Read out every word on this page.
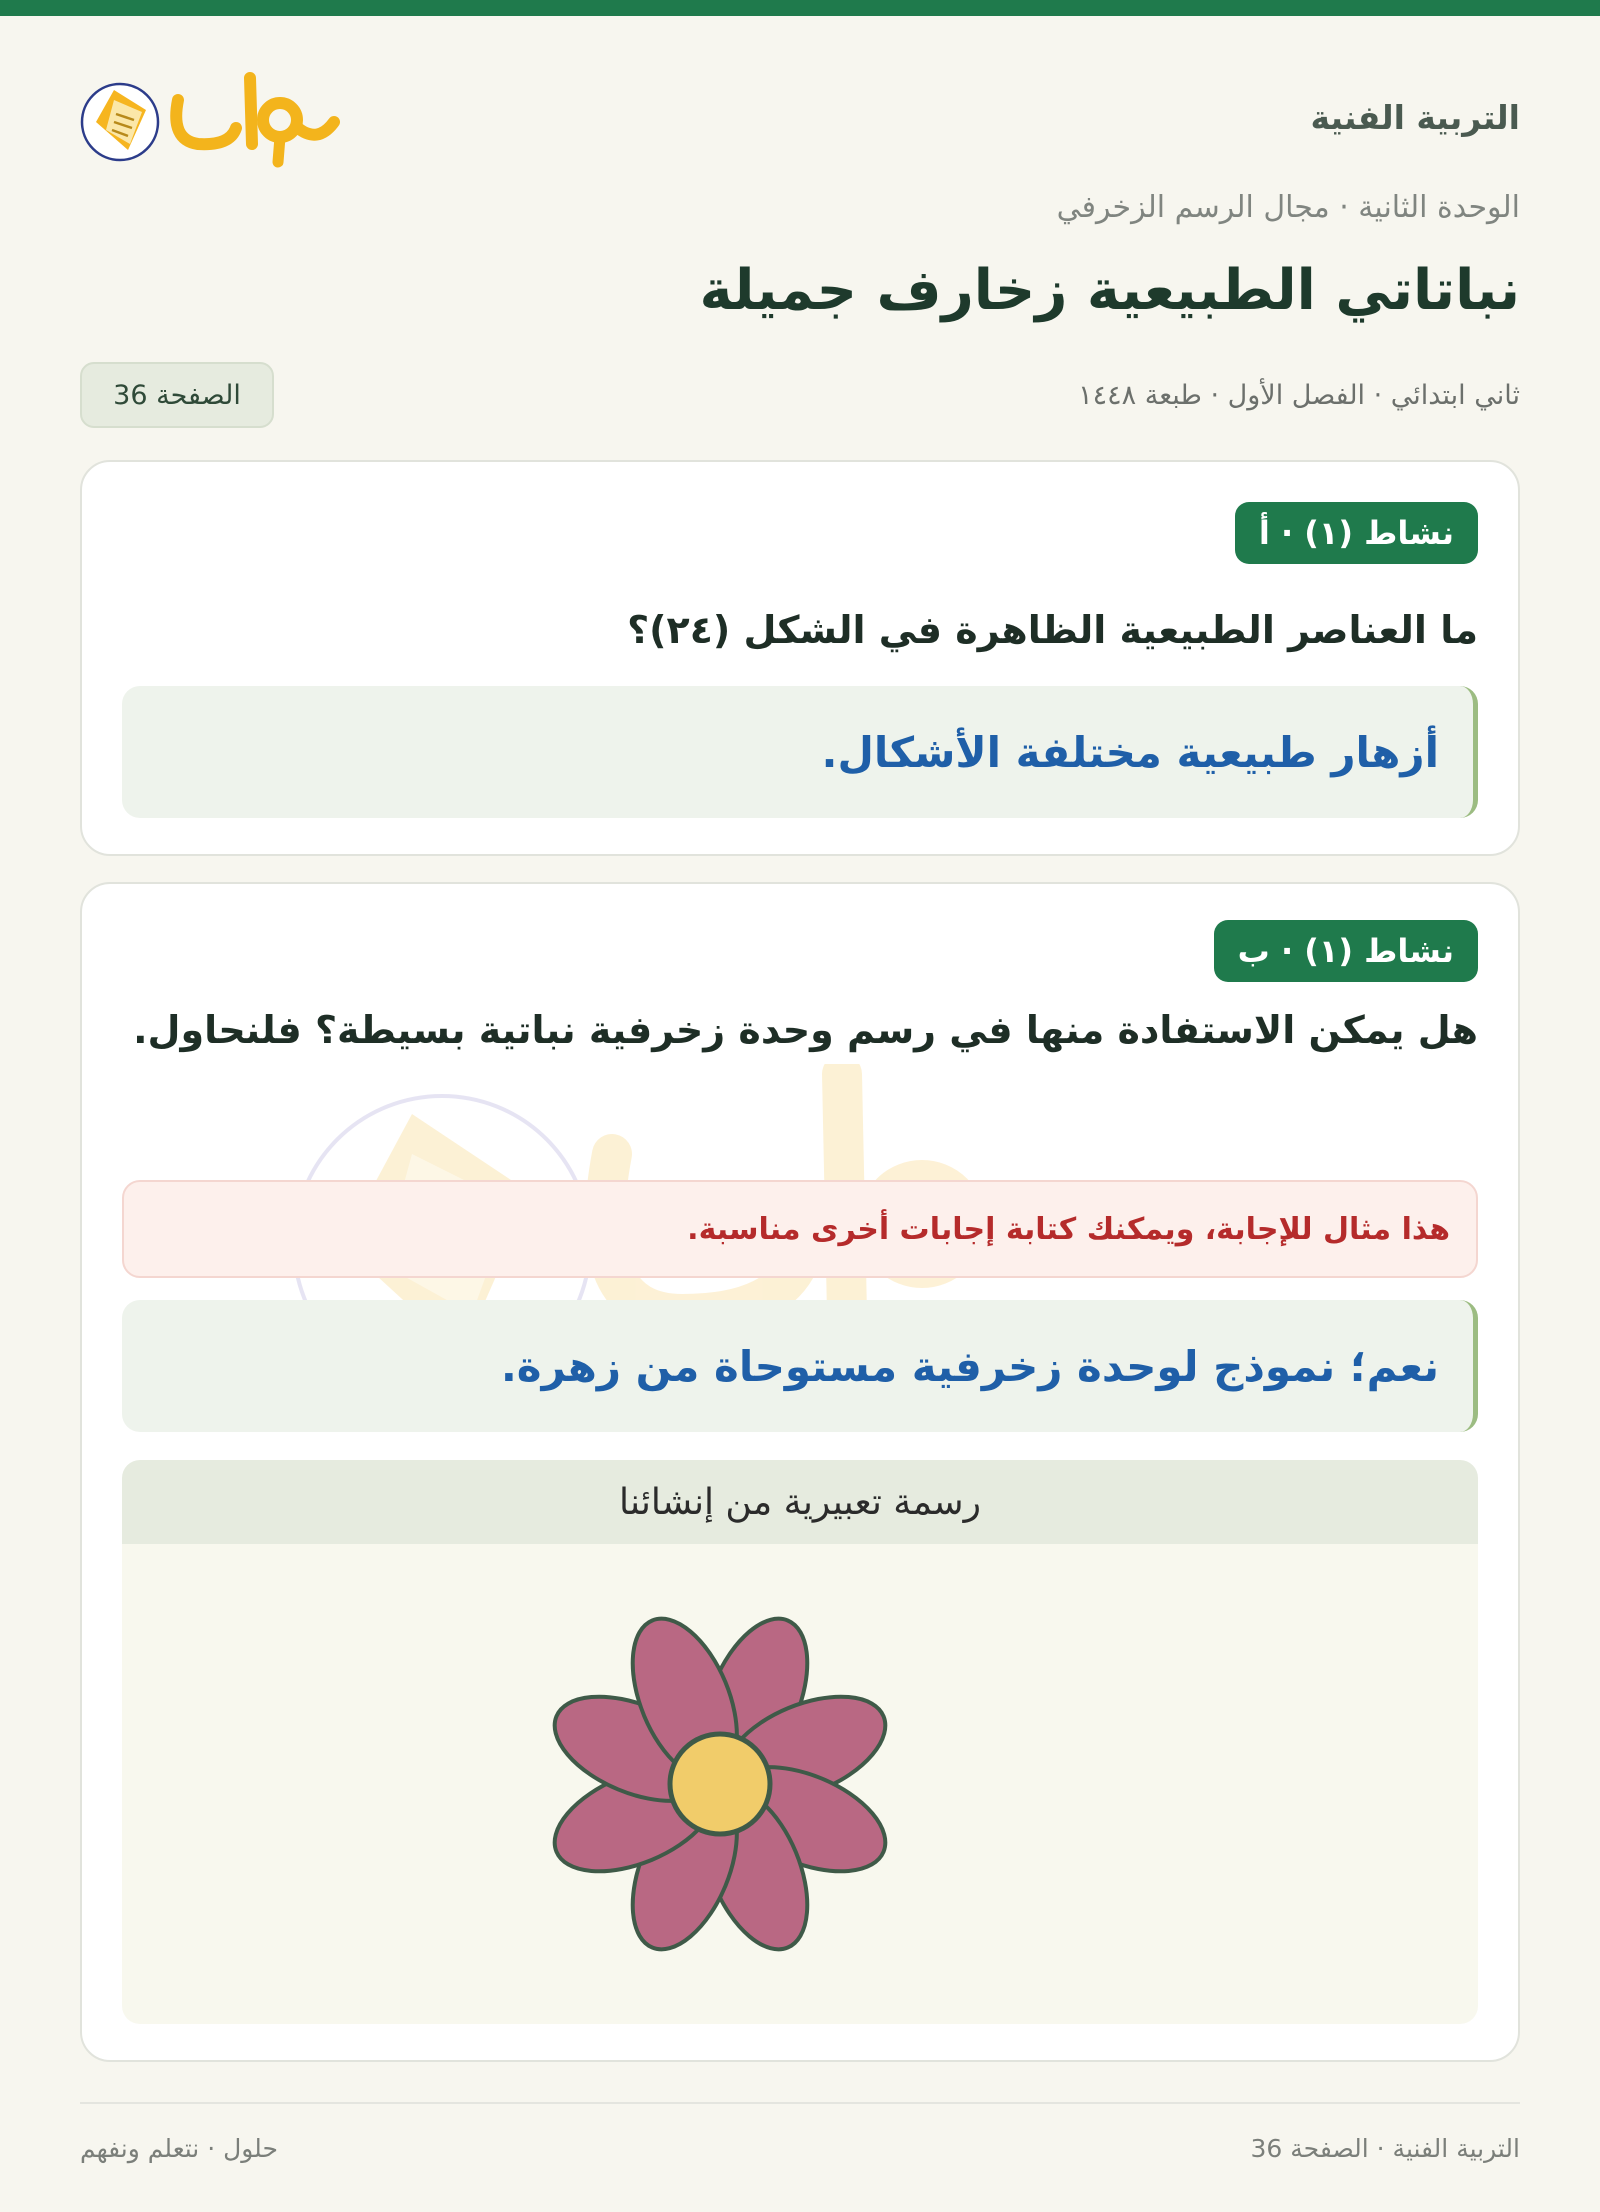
التربية الفنية
الوحدة الثانية · مجال الرسم الزخرفي
نباتاتي الطبيعية زخارف جميلة
ثاني ابتدائي · الفصل الأول · طبعة ١٤٤٨
الصفحة 36
نشاط (١) · أ
ما العناصر الطبيعية الظاهرة في الشكل (٢٤)؟
أزهار طبيعية مختلفة الأشكال.
نشاط (١) · ب
هل يمكن الاستفادة منها في رسم وحدة زخرفية نباتية بسيطة؟ فلنحاول.
هذا مثال للإجابة، ويمكنك كتابة إجابات أخرى مناسبة.
نعم؛ نموذج لوحدة زخرفية مستوحاة من زهرة.
رسمة تعبيرية من إنشائنا
التربية الفنية · الصفحة 36
حلول · نتعلم ونفهم
